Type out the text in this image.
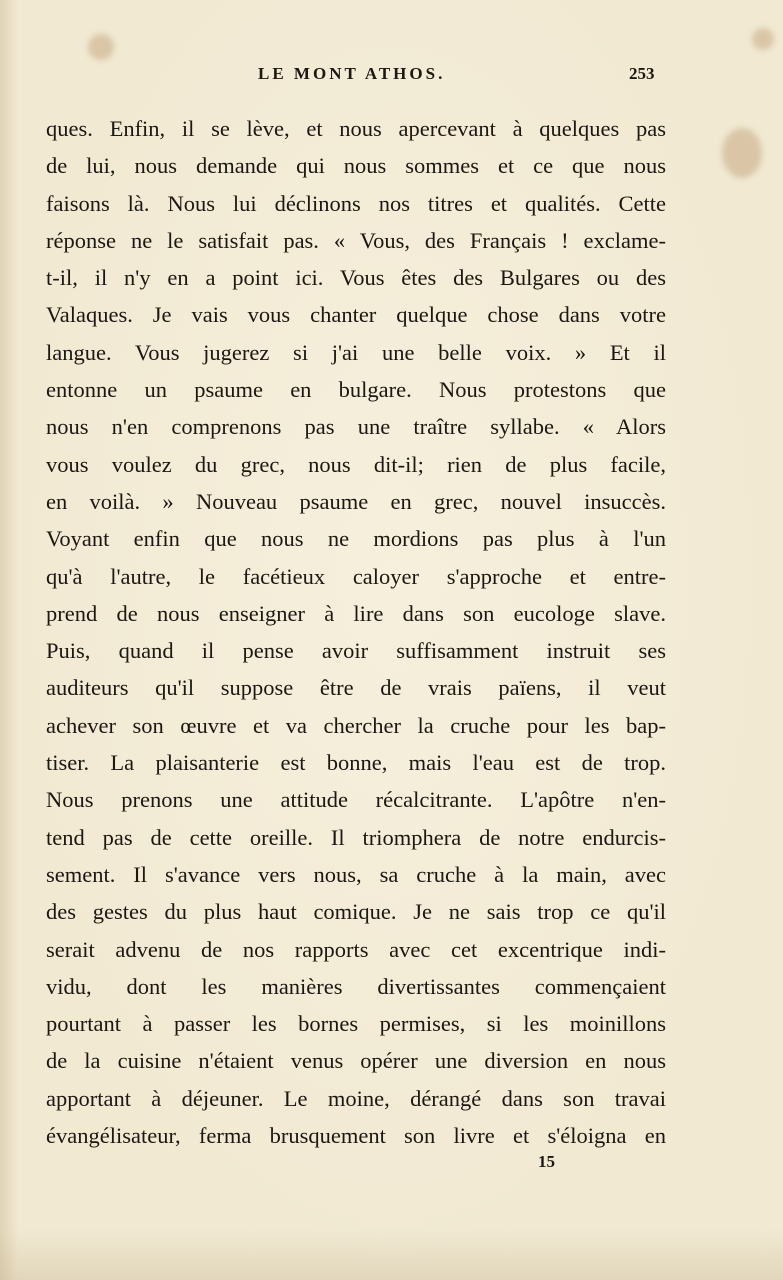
LE MONT ATHOS.	253
ques. Enfin, il se lève, et nous apercevant à quelques pas
de lui, nous demande qui nous sommes et ce que nous
faisons là. Nous lui déclinons nos titres et qualités. Cette
réponse ne le satisfait pas. « Vous, des Français ! exclame-
t-il, il n'y en a point ici. Vous êtes des Bulgares ou des
Valaques. Je vais vous chanter quelque chose dans votre
langue. Vous jugerez si j'ai une belle voix. » Et il
entonne un psaume en bulgare. Nous protestons que
nous n'en comprenons pas une traître syllabe. « Alors
vous voulez du grec, nous dit-il; rien de plus facile,
en voilà. » Nouveau psaume en grec, nouvel insuccès.
Voyant enfin que nous ne mordions pas plus à l'un
qu'à l'autre, le facétieux caloyer s'approche et entre-
prend de nous enseigner à lire dans son eucologe slave.
Puis, quand il pense avoir suffisamment instruit ses
auditeurs qu'il suppose être de vrais païens, il veut
achever son œuvre et va chercher la cruche pour les bap-
tiser. La plaisanterie est bonne, mais l'eau est de trop.
Nous prenons une attitude récalcitrante. L'apôtre n'en-
tend pas de cette oreille. Il triomphera de notre endurcis-
sement. Il s'avance vers nous, sa cruche à la main, avec
des gestes du plus haut comique. Je ne sais trop ce qu'il
serait advenu de nos rapports avec cet excentrique indi-
vidu, dont les manières divertissantes commençaient
pourtant à passer les bornes permises, si les moinillons
de la cuisine n'étaient venus opérer une diversion en nous
apportant à déjeuner. Le moine, dérangé dans son travai
évangélisateur, ferma brusquement son livre et s'éloigna en
15
